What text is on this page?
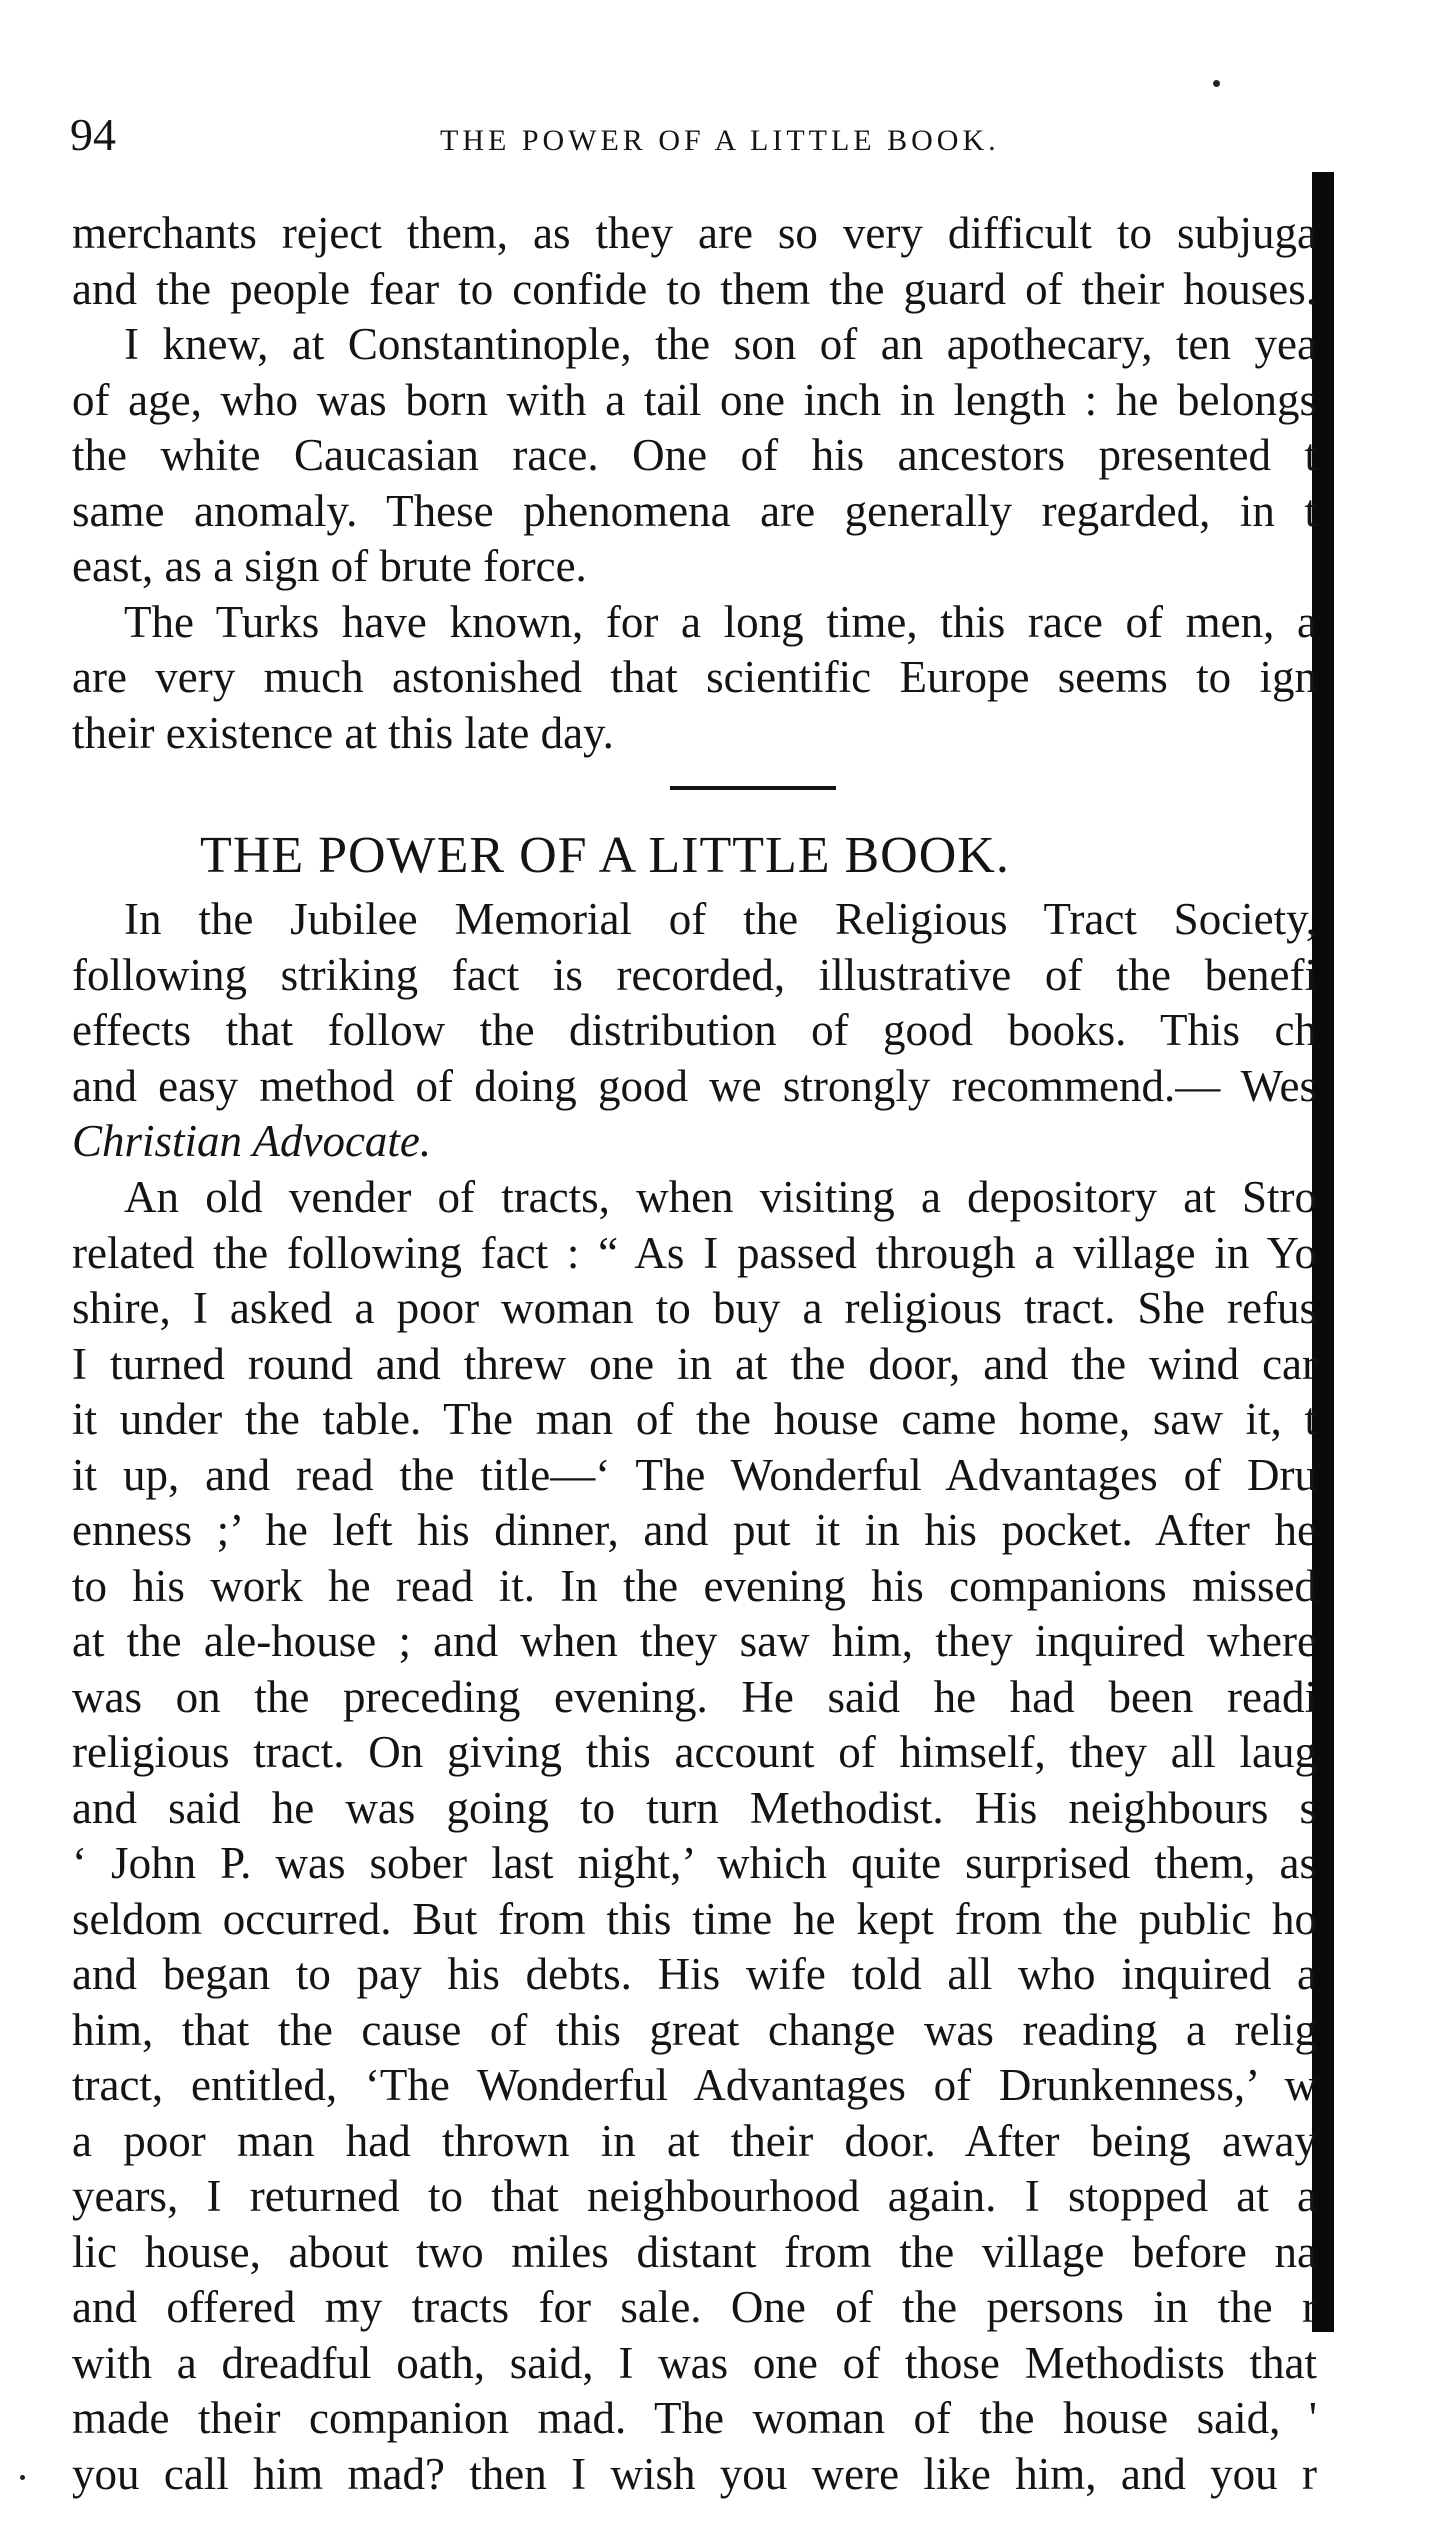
94	THE POWER OF A LITTLE BOOK.
merchants reject them, as they are so very difficult to subjuga
and the people fear to confide to them the guard of their houses.
I knew, at Constantinople, the son of an apothecary, ten yea
of age, who was born with a tail one inch in length : he belongs
the white Caucasian race. One of his ancestors presented t
same anomaly. These phenomena are generally regarded, in t
east, as a sign of brute force.
The Turks have known, for a long time, this race of men, a
are very much astonished that scientific Europe seems to ign
their existence at this late day.
THE POWER OF A LITTLE BOOK.
In the Jubilee Memorial of the Religious Tract Society,
following striking fact is recorded, illustrative of the benefi
effects that follow the distribution of good books. This ch
and easy method of doing good we strongly recommend.— Wes
Christian Advocate.
An old vender of tracts, when visiting a depository at Stro
related the following fact : “ As I passed through a village in Yo
shire, I asked a poor woman to buy a religious tract. She refus
I turned round and threw one in at the door, and the wind car
it under the table. The man of the house came home, saw it, t
it up, and read the title—‘ The Wonderful Advantages of Dru
enness ;’ he left his dinner, and put it in his pocket. After he
to his work he read it. In the evening his companions missed
at the ale-house ; and when they saw him, they inquired where
was on the preceding evening. He said he had been readi
religious tract. On giving this account of himself, they all laug
and said he was going to turn Methodist. His neighbours s
‘ John P. was sober last night,’ which quite surprised them, as
seldom occurred. But from this time he kept from the public ho
and began to pay his debts. His wife told all who inquired a
him, that the cause of this great change was reading a relig
tract, entitled, ‘The Wonderful Advantages of Drunkenness,’ w
a poor man had thrown in at their door. After being away
years, I returned to that neighbourhood again. I stopped at a
lic house, about two miles distant from the village before na
and offered my tracts for sale. One of the persons in the r
with a dreadful oath, said, I was one of those Methodists that
made their companion mad. The woman of the house said, '
you call him mad? then I wish you were like him, and you r
